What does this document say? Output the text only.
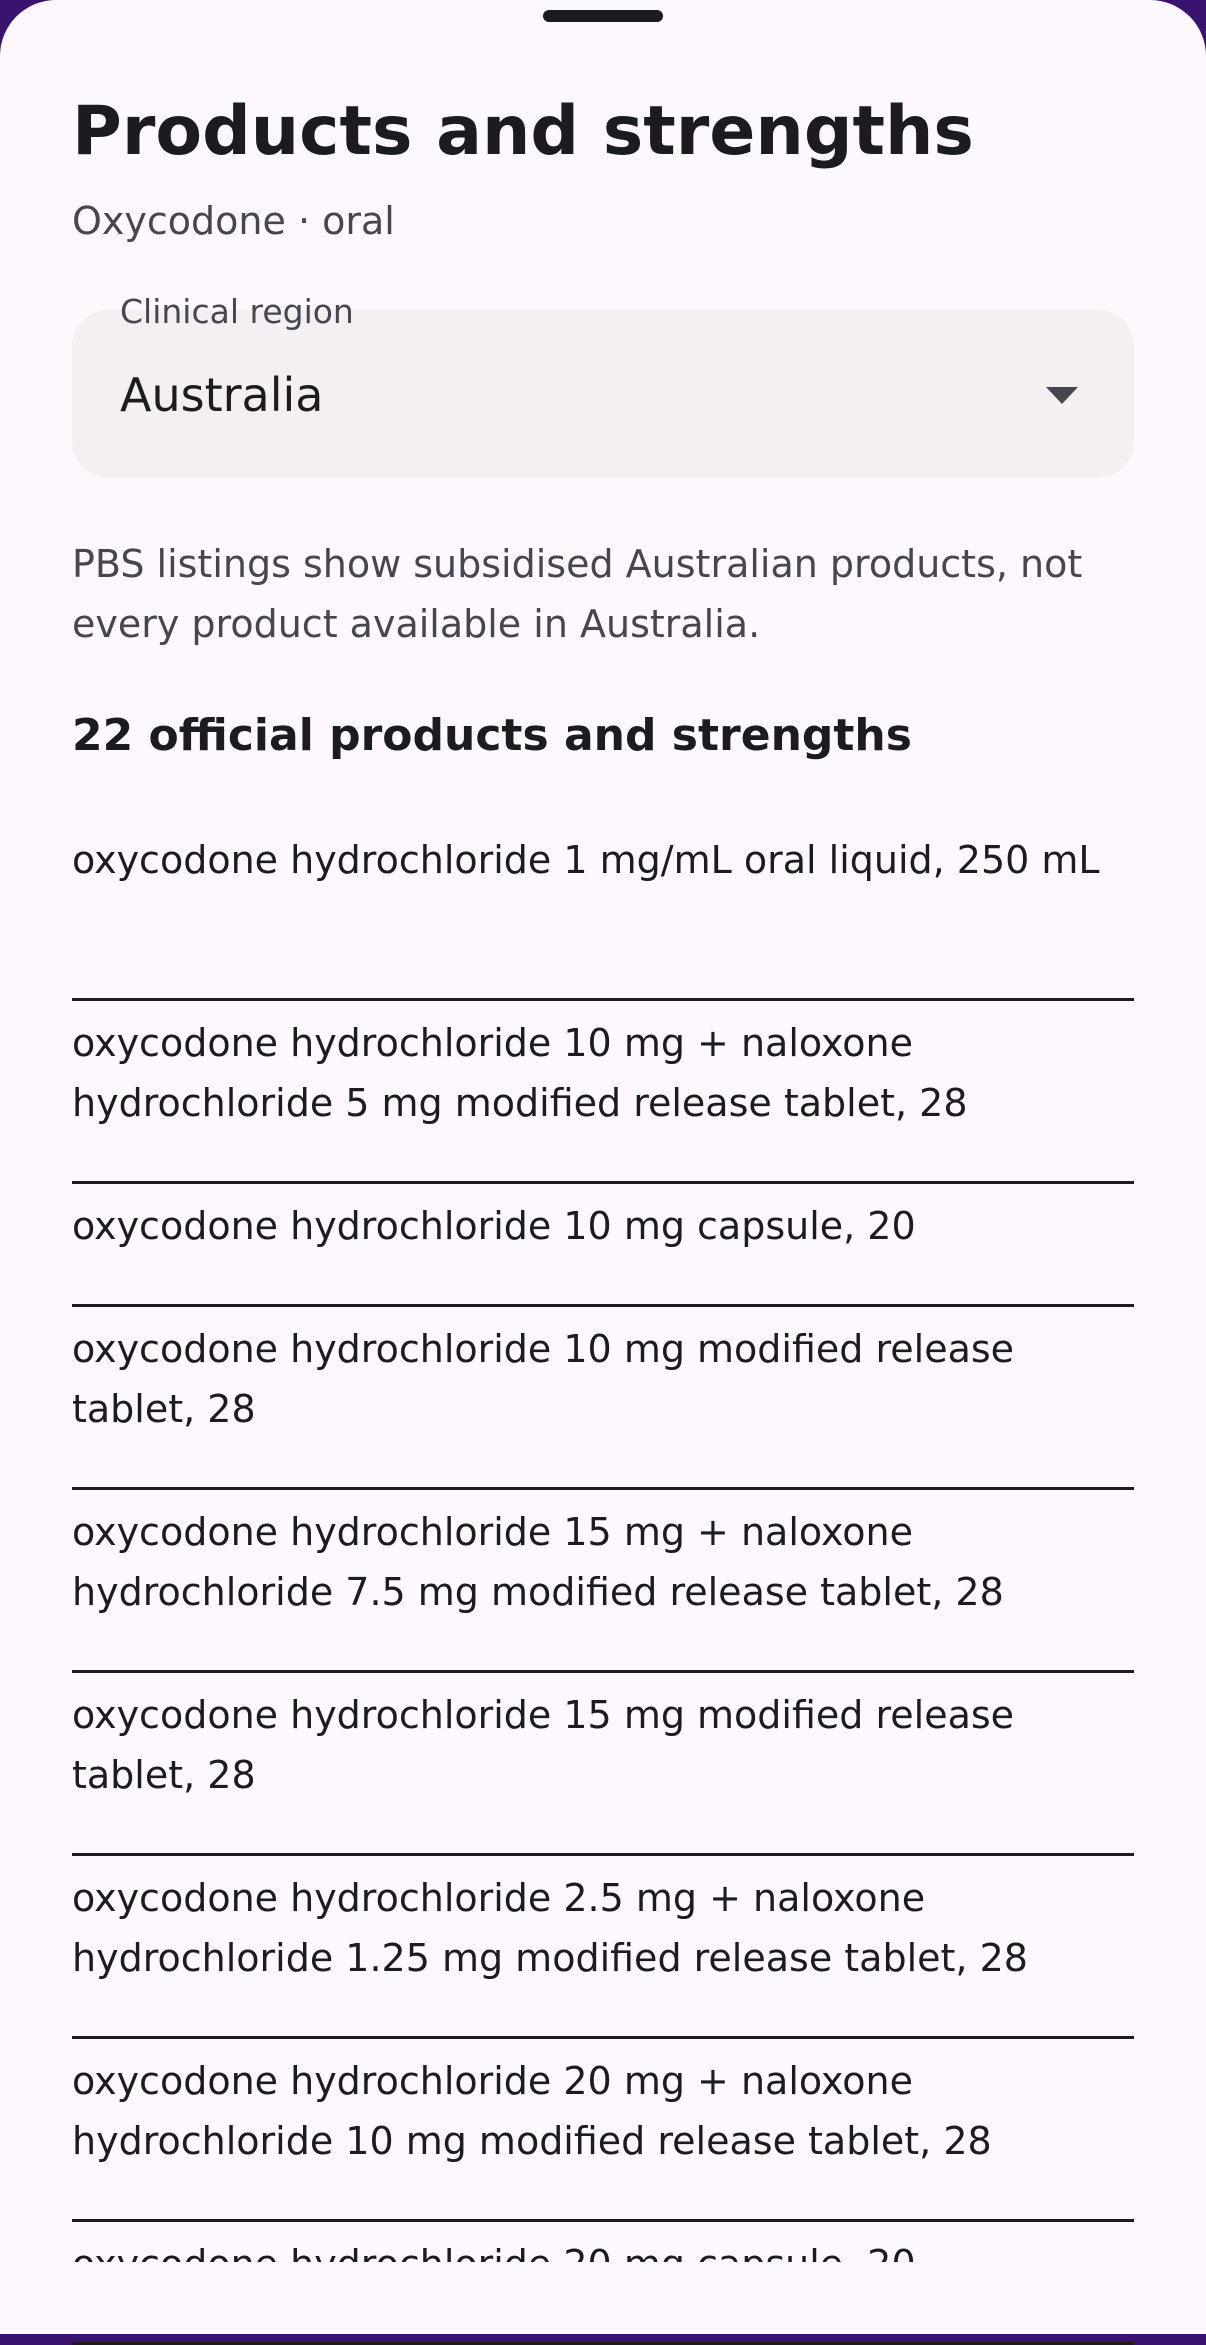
Products and strengths
Oxycodone · oral
Clinical region
Australia
PBS listings show subsidised Australian products, not every product available in Australia.
22 official products and strengths
oxycodone hydrochloride 1 mg/mL oral liquid, 250 mL
oxycodone hydrochloride 10 mg + naloxone hydrochloride 5 mg modified release tablet, 28
oxycodone hydrochloride 10 mg capsule, 20
oxycodone hydrochloride 10 mg modified release tablet, 28
oxycodone hydrochloride 15 mg + naloxone hydrochloride 7.5 mg modified release tablet, 28
oxycodone hydrochloride 15 mg modified release tablet, 28
oxycodone hydrochloride 2.5 mg + naloxone hydrochloride 1.25 mg modified release tablet, 28
oxycodone hydrochloride 20 mg + naloxone hydrochloride 10 mg modified release tablet, 28
